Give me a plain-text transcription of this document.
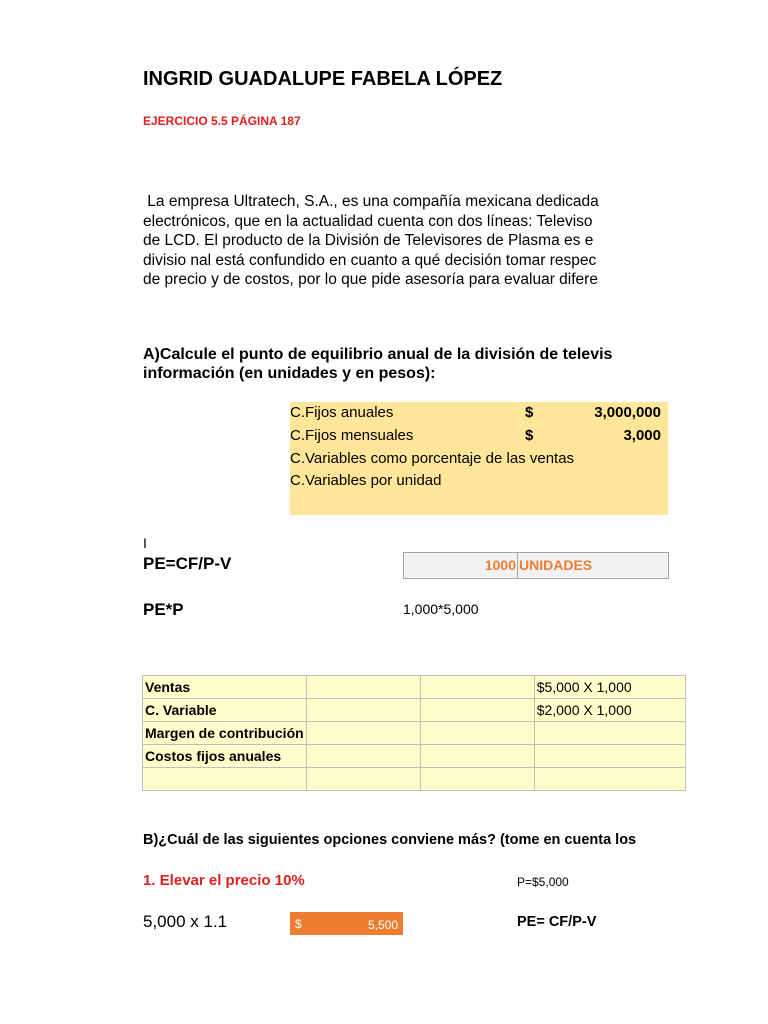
INGRID GUADALUPE FABELA LÓPEZ
EJERCICIO 5.5 PÁGINA 187
La empresa Ultratech, S.A., es una compañía mexicana dedicada
electrónicos, que en la actualidad cuenta con dos líneas: Televiso
de LCD. El producto de la División de Televisores de Plasma es e
divisio nal está confundido en cuanto a qué decisión tomar respec
de precio y de costos, por lo que pide asesoría para evaluar difere
A)Calcule el punto de equilibrio anual de la división de televis
información (en unidades y en pesos):
C.Fijos anuales	$	3,000,000
C.Fijos mensuales	$	3,000
C.Variables como porcentaje de las ventas
C.Variables por unidad
I
PE=CF/P-V	1000 UNIDADES
PE*P	1,000*5,000
Ventas			$5,000 X 1,000
C. Variable			$2,000 X 1,000
Margen de contribución			
Costos fijos anuales			

B)¿Cuál de las siguientes opciones conviene más? (tome en cuenta los
1. Elevar el precio 10%	P=$5,000
5,000 x 1.1	$	5,500	PE= CF/P-V
